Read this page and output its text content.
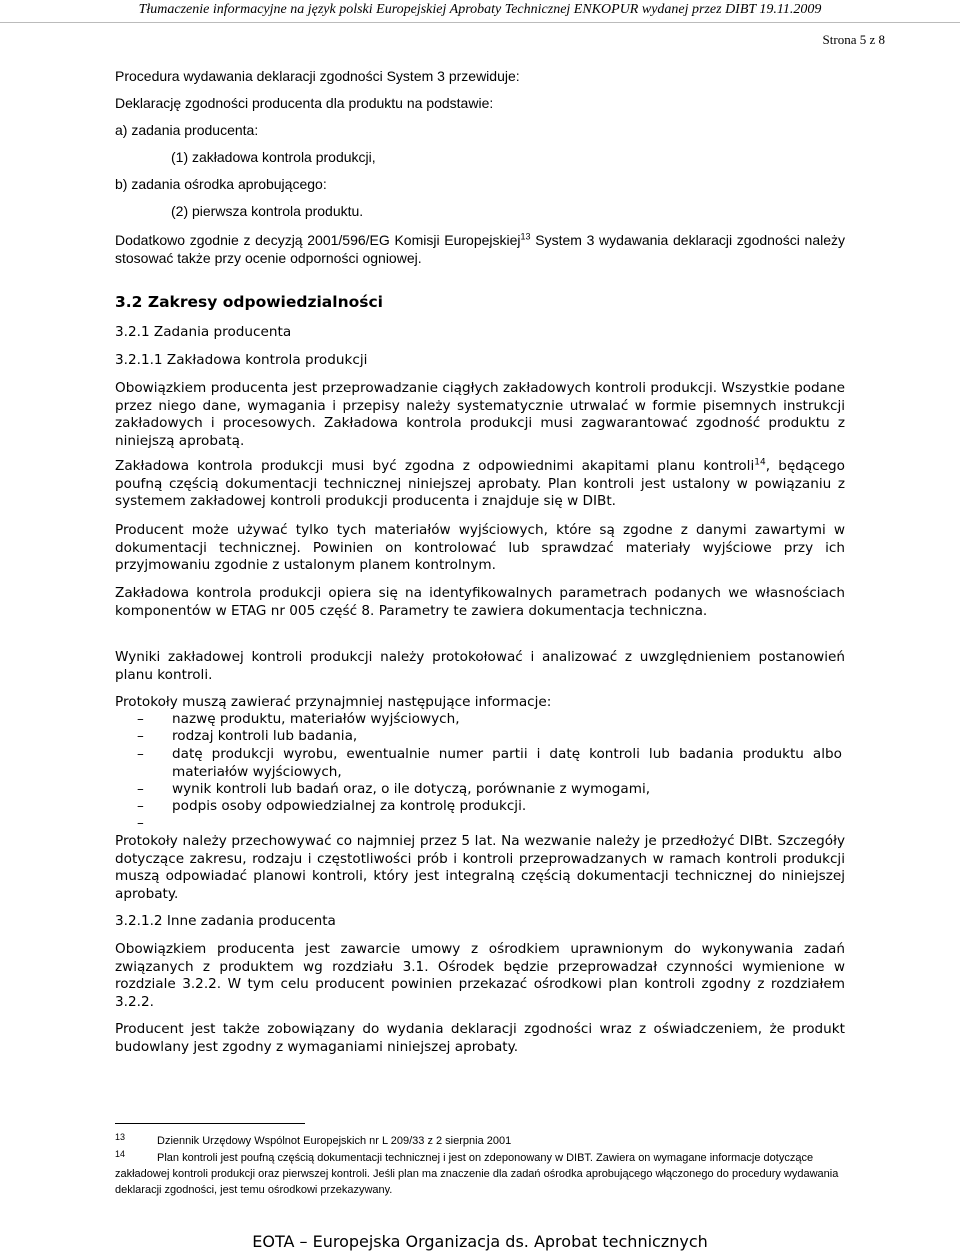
Tłumaczenie informacyjne na język polski Europejskiej Aprobaty Technicznej ENKOPUR wydanej przez DIBT 19.11.2009
Strona 5 z 8
Procedura wydawania deklaracji zgodności System 3 przewiduje:
Deklarację zgodności producenta dla produktu na podstawie:
a) zadania producenta:
(1) zakładowa kontrola produkcji,
b) zadania ośrodka aprobującego:
(2) pierwsza kontrola produktu.
Dodatkowo zgodnie z decyzją 2001/596/EG Komisji Europejskiej$^{13}$ System 3 wydawania deklaracji zgodności należy stosować także przy ocenie odporności ogniowej.
3.2 Zakresy odpowiedzialności
3.2.1 Zadania producenta
3.2.1.1 Zakładowa kontrola produkcji
Obowiązkiem producenta jest przeprowadzanie ciągłych zakładowych kontroli produkcji. Wszystkie podane przez niego dane, wymagania i przepisy należy systematycznie utrwalać w formie pisemnych instrukcji zakładowych i procesowych. Zakładowa kontrola produkcji musi zagwarantować zgodność produktu z niniejszą aprobatą.
Zakładowa kontrola produkcji musi być zgodna z odpowiednimi akapitami planu kontroli$^{14}$, będącego poufną częścią dokumentacji technicznej niniejszej aprobaty. Plan kontroli jest ustalony w powiązaniu z systemem zakładowej kontroli produkcji producenta i znajduje się w DIBt.
Producent może używać tylko tych materiałów wyjściowych, które są zgodne z danymi zawartymi w dokumentacji technicznej. Powinien on kontrolować lub sprawdzać materiały wyjściowe przy ich przyjmowaniu zgodnie z ustalonym planem kontrolnym.
Zakładowa kontrola produkcji opiera się na identyfikowalnych parametrach podanych we własnościach komponentów w ETAG nr 005 część 8. Parametry te zawiera dokumentacja techniczna.
Wyniki zakładowej kontroli produkcji należy protokołować i analizować z uwzględnieniem postanowień planu kontroli.
Protokoły muszą zawierać przynajmniej następujące informacje:
– nazwę produktu, materiałów wyjściowych,
– rodzaj kontroli lub badania,
– datę produkcji wyrobu, ewentualnie numer partii i datę kontroli lub badania produktu albo materiałów wyjściowych,
– wynik kontroli lub badań oraz, o ile dotyczą, porównanie z wymogami,
– podpis osoby odpowiedzialnej za kontrolę produkcji.
–
Protokoły należy przechowywać co najmniej przez 5 lat. Na wezwanie należy je przedłożyć DIBt. Szczegóły dotyczące zakresu, rodzaju i częstotliwości prób i kontroli przeprowadzanych w ramach kontroli produkcji muszą odpowiadać planowi kontroli, który jest integralną częścią dokumentacji technicznej do niniejszej aprobaty.
3.2.1.2 Inne zadania producenta
Obowiązkiem producenta jest zawarcie umowy z ośrodkiem uprawnionym do wykonywania zadań związanych z produktem wg rozdziału 3.1. Ośrodek będzie przeprowadzał czynności wymienione w rozdziale 3.2.2. W tym celu producent powinien przekazać ośrodkowi plan kontroli zgodny z rozdziałem 3.2.2.
Producent jest także zobowiązany do wydania deklaracji zgodności wraz z oświadczeniem, że produkt budowlany jest zgodny z wymaganiami niniejszej aprobaty.
13	Dziennik Urzędowy Wspólnot Europejskich nr L 209/33 z 2 sierpnia 2001
14	Plan kontroli jest poufną częścią dokumentacji technicznej i jest on zdeponowany w DIBT. Zawiera on wymagane informacje dotyczące zakładowej kontroli produkcji oraz pierwszej kontroli. Jeśli plan ma znaczenie dla zadań ośrodka aprobującego włączonego do procedury wydawania deklaracji zgodności, jest temu ośrodkowi przekazywany.
EOTA – Europejska Organizacja ds. Aprobat technicznych
